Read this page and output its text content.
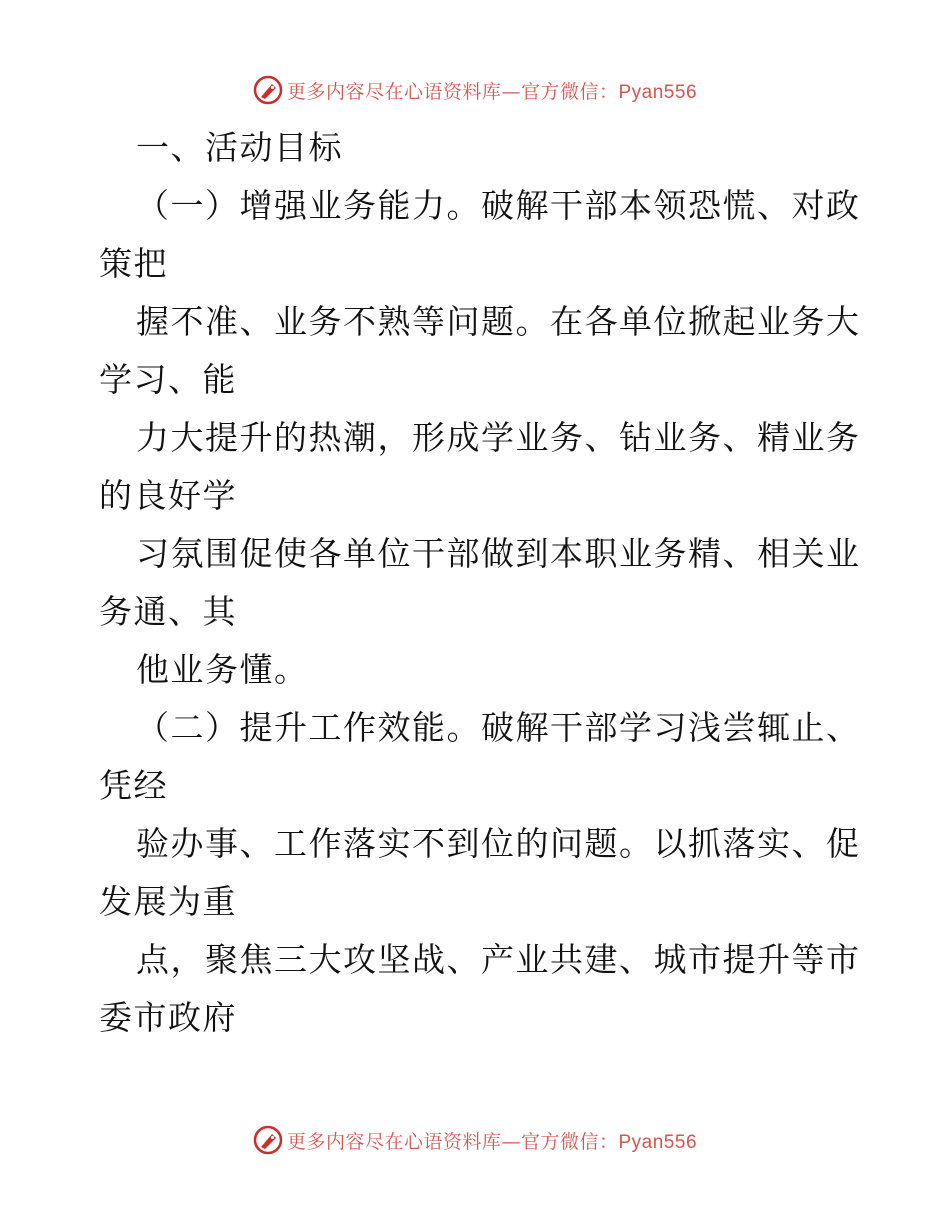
更多内容尽在心语资料库—官方微信：Pyan556
一、活动目标
（一）增强业务能力。破解干部本领恐慌、对政
策把
握不准、业务不熟等问题。在各单位掀起业务大
学习、能
力大提升的热潮，形成学业务、钻业务、精业务
的良好学
习氛围促使各单位干部做到本职业务精、相关业
务通、其
他业务懂。
（二）提升工作效能。破解干部学习浅尝辄止、
凭经
验办事、工作落实不到位的问题。以抓落实、促
发展为重
点，聚焦三大攻坚战、产业共建、城市提升等市
委市政府
更多内容尽在心语资料库—官方微信：Pyan556
